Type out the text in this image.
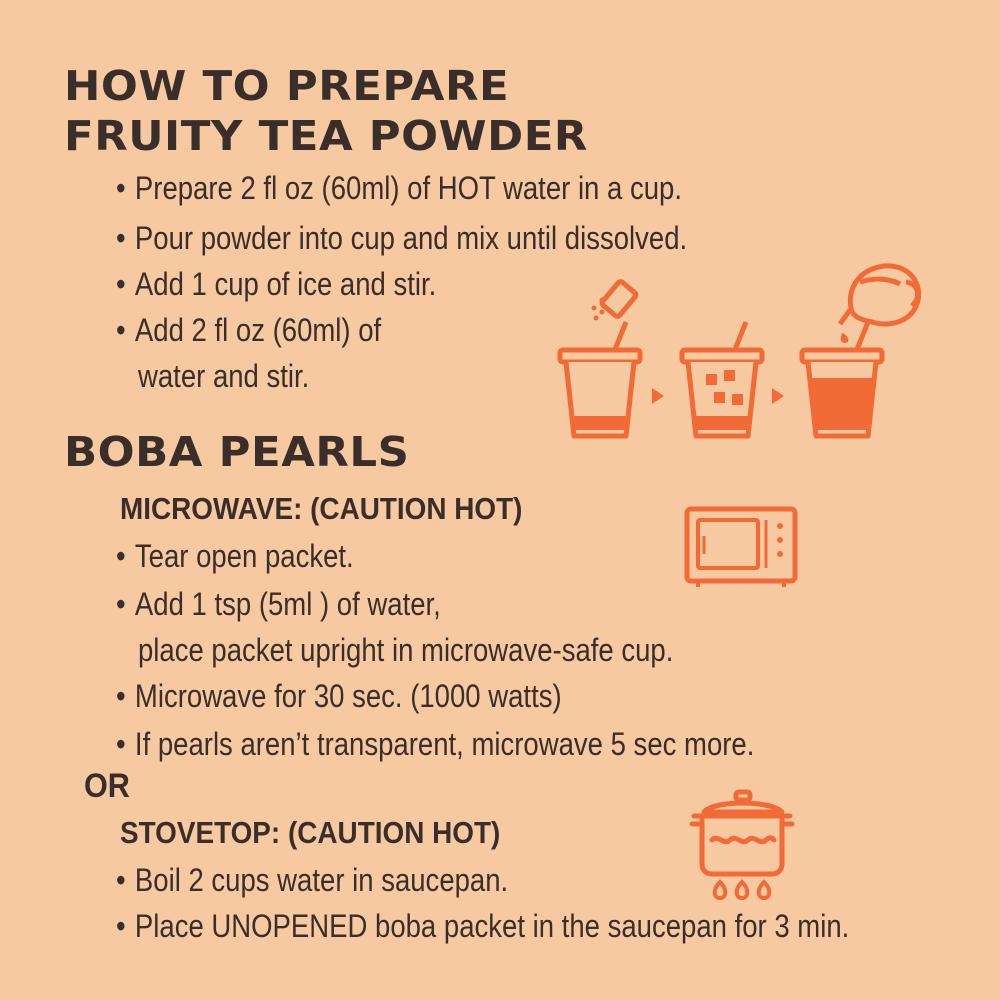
HOW TO PREPARE
FRUITY TEA POWDER
• Prepare 2 fl oz (60ml) of HOT water in a cup.
• Pour powder into cup and mix until dissolved.
• Add 1 cup of ice and stir.
• Add 2 fl oz (60ml) of
water and stir.
BOBA PEARLS
MICROWAVE: (CAUTION HOT)
• Tear open packet.
• Add 1 tsp (5ml ) of water,
place packet upright in microwave-safe cup.
• Microwave for 30 sec. (1000 watts)
• If pearls aren’t transparent, microwave 5 sec more.
OR
STOVETOP: (CAUTION HOT)
• Boil 2 cups water in saucepan.
• Place UNOPENED boba packet in the saucepan for 3 min.
